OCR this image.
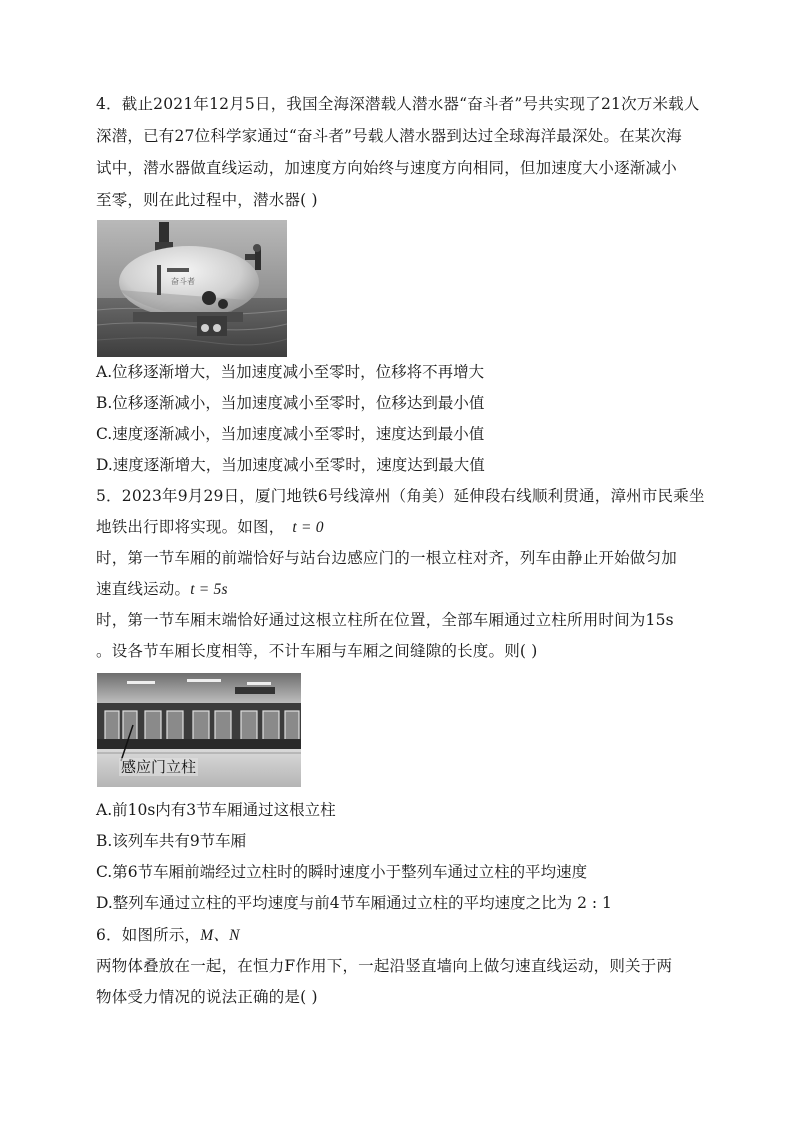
4．截止2021年12月5日，我国全海深潜载人潜水器“奋斗者”号共实现了21次万米载人
深潜，已有27位科学家通过“奋斗者”号载人潜水器到达过全球海洋最深处。在某次海
试中，潜水器做直线运动，加速度方向始终与速度方向相同，但加速度大小逐渐减小
至零，则在此过程中，潜水器( )
奋斗者
A.位移逐渐增大，当加速度减小至零时，位移将不再增大
B.位移逐渐减小，当加速度减小至零时，位移达到最小值
C.速度逐渐减小，当加速度减小至零时，速度达到最小值
D.速度逐渐增大，当加速度减小至零时，速度达到最大值
5．2023年9月29日，厦门地铁6号线漳州（角美）延伸段右线顺利贯通，漳州市民乘坐
地铁出行即将实现。如图， t = 0
时，第一节车厢的前端恰好与站台边感应门的一根立柱对齐，列车由静止开始做匀加
速直线运动。t = 5s
时，第一节车厢末端恰好通过这根立柱所在位置，全部车厢通过立柱所用时间为15s
。设各节车厢长度相等，不计车厢与车厢之间缝隙的长度。则( )
感应门立柱
A.前10s内有3节车厢通过这根立柱
B.该列车共有9节车厢
C.第6节车厢前端经过立柱时的瞬时速度小于整列车通过立柱的平均速度
D.整列车通过立柱的平均速度与前4节车厢通过立柱的平均速度之比为 2 : 1
6．如图所示，M、N
两物体叠放在一起，在恒力F作用下，一起沿竖直墙向上做匀速直线运动，则关于两
物体受力情况的说法正确的是( )
